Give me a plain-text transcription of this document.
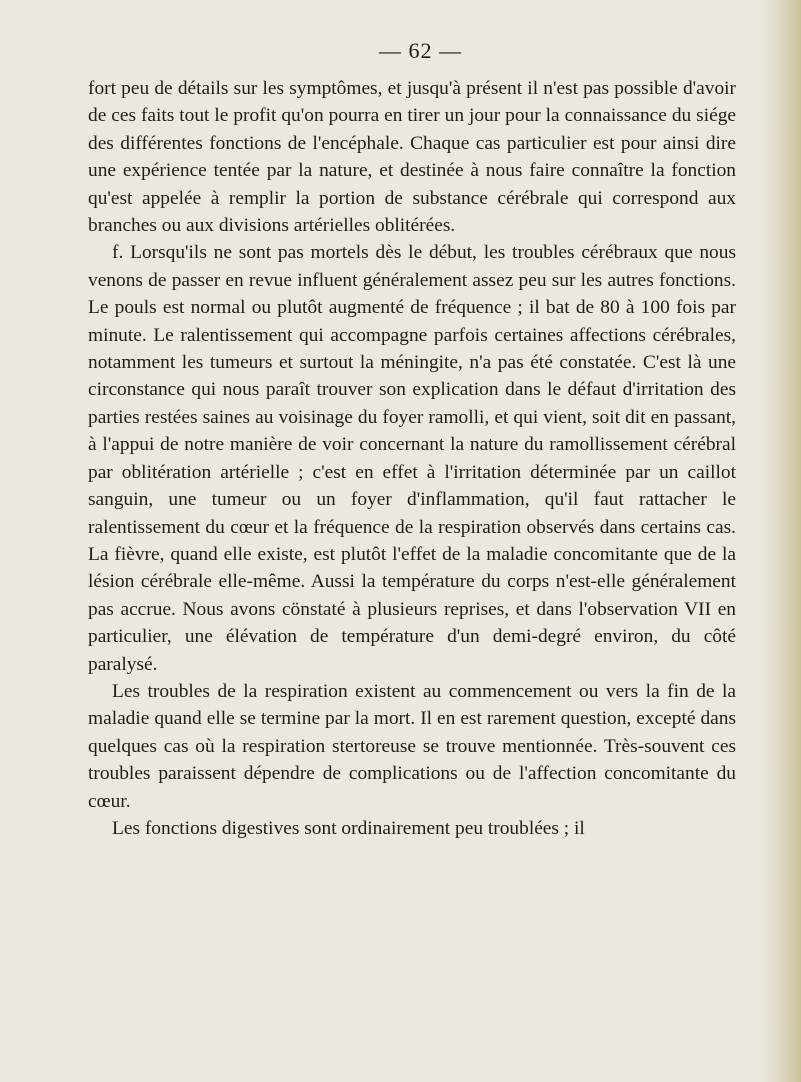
— 62 —

fort peu de détails sur les symptômes, et jusqu'à présent il n'est pas possible d'avoir de ces faits tout le profit qu'on pourra en tirer un jour pour la connaissance du siége des différentes fonctions de l'encéphale. Chaque cas particulier est pour ainsi dire une expérience tentée par la nature, et destinée à nous faire connaître la fonction qu'est appelée à remplir la portion de substance cérébrale qui correspond aux branches ou aux divisions artérielles oblitérées.

f. Lorsqu'ils ne sont pas mortels dès le début, les troubles cérébraux que nous venons de passer en revue influent généralement assez peu sur les autres fonctions. Le pouls est normal ou plutôt augmenté de fréquence ; il bat de 80 à 100 fois par minute. Le ralentissement qui accompagne parfois certaines affections cérébrales, notamment les tumeurs et surtout la méningite, n'a pas été constatée. C'est là une circonstance qui nous paraît trouver son explication dans le défaut d'irritation des parties restées saines au voisinage du foyer ramolli, et qui vient, soit dit en passant, à l'appui de notre manière de voir concernant la nature du ramollissement cérébral par oblitération artérielle ; c'est en effet à l'irritation déterminée par un caillot sanguin, une tumeur ou un foyer d'inflammation, qu'il faut rattacher le ralentissement du cœur et la fréquence de la respiration observés dans certains cas. La fièvre, quand elle existe, est plutôt l'effet de la maladie concomitante que de la lésion cérébrale elle-même. Aussi la température du corps n'est-elle généralement pas accrue. Nous avons cönstaté à plusieurs reprises, et dans l'observation VII en particulier, une élévation de température d'un demi-degré environ, du côté paralysé.

Les troubles de la respiration existent au commencement ou vers la fin de la maladie quand elle se termine par la mort. Il en est rarement question, excepté dans quelques cas où la respiration stertoreuse se trouve mentionnée. Très-souvent ces troubles paraissent dépendre de complications ou de l'affection concomitante du cœur.

Les fonctions digestives sont ordinairement peu troublées ; il
